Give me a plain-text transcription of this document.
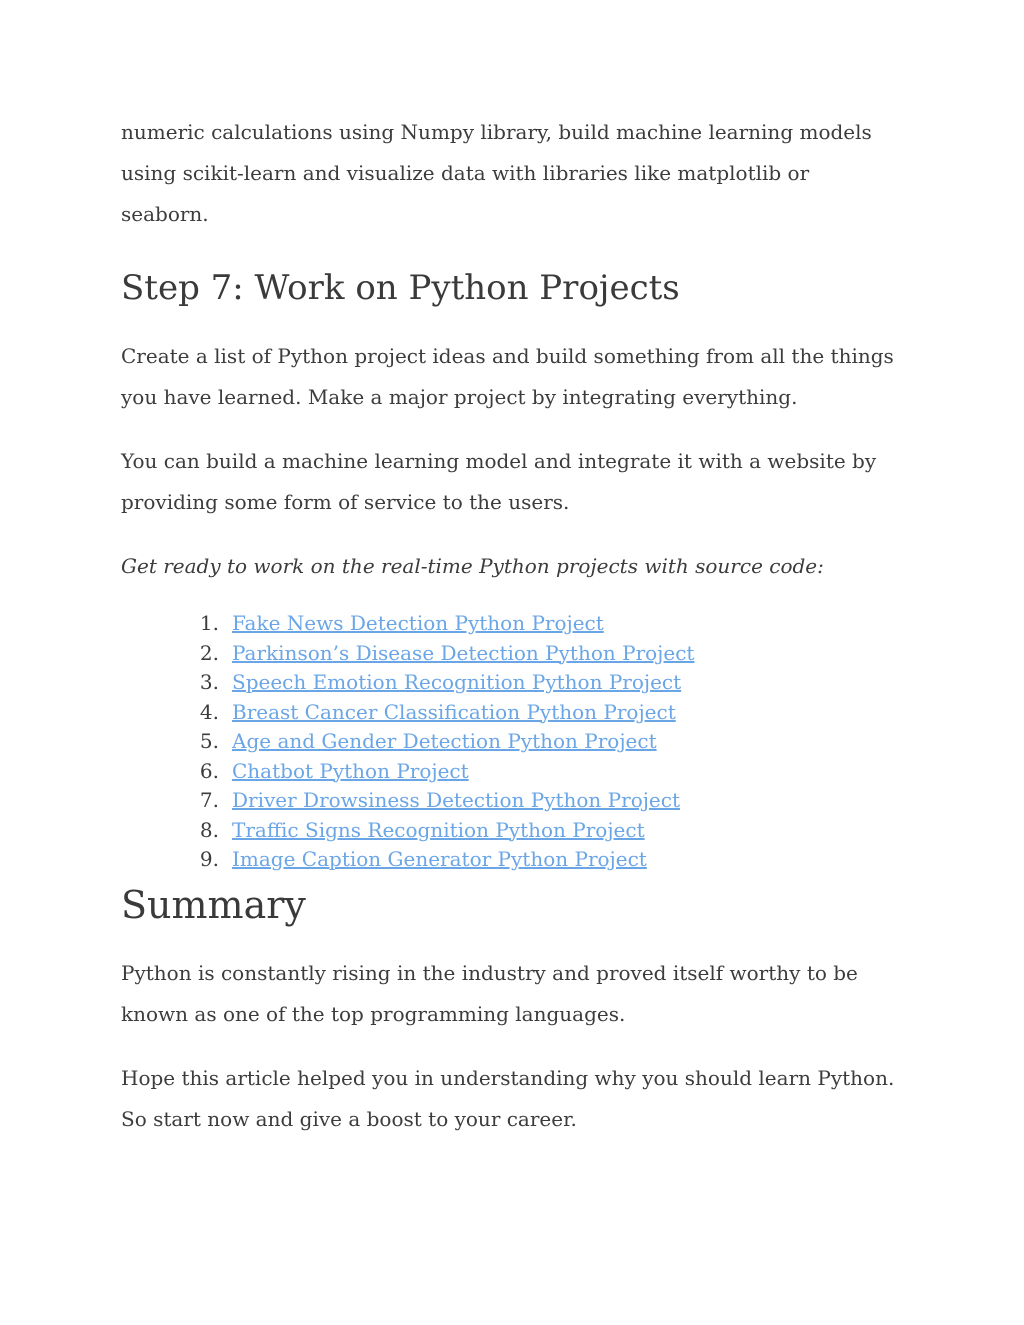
numeric calculations using Numpy library, build machine learning models
using scikit-learn and visualize data with libraries like matplotlib or seaborn.

Step 7: Work on Python Projects

Create a list of Python project ideas and build something from all the things
you have learned. Make a major project by integrating everything.

You can build a machine learning model and integrate it with a website by
providing some form of service to the users.

Get ready to work on the real-time Python projects with source code:

1. Fake News Detection Python Project
2. Parkinson’s Disease Detection Python Project
3. Speech Emotion Recognition Python Project
4. Breast Cancer Classification Python Project
5. Age and Gender Detection Python Project
6. Chatbot Python Project
7. Driver Drowsiness Detection Python Project
8. Traffic Signs Recognition Python Project
9. Image Caption Generator Python Project
Summary

Python is constantly rising in the industry and proved itself worthy to be
known as one of the top programming languages.

Hope this article helped you in understanding why you should learn Python.
So start now and give a boost to your career.
